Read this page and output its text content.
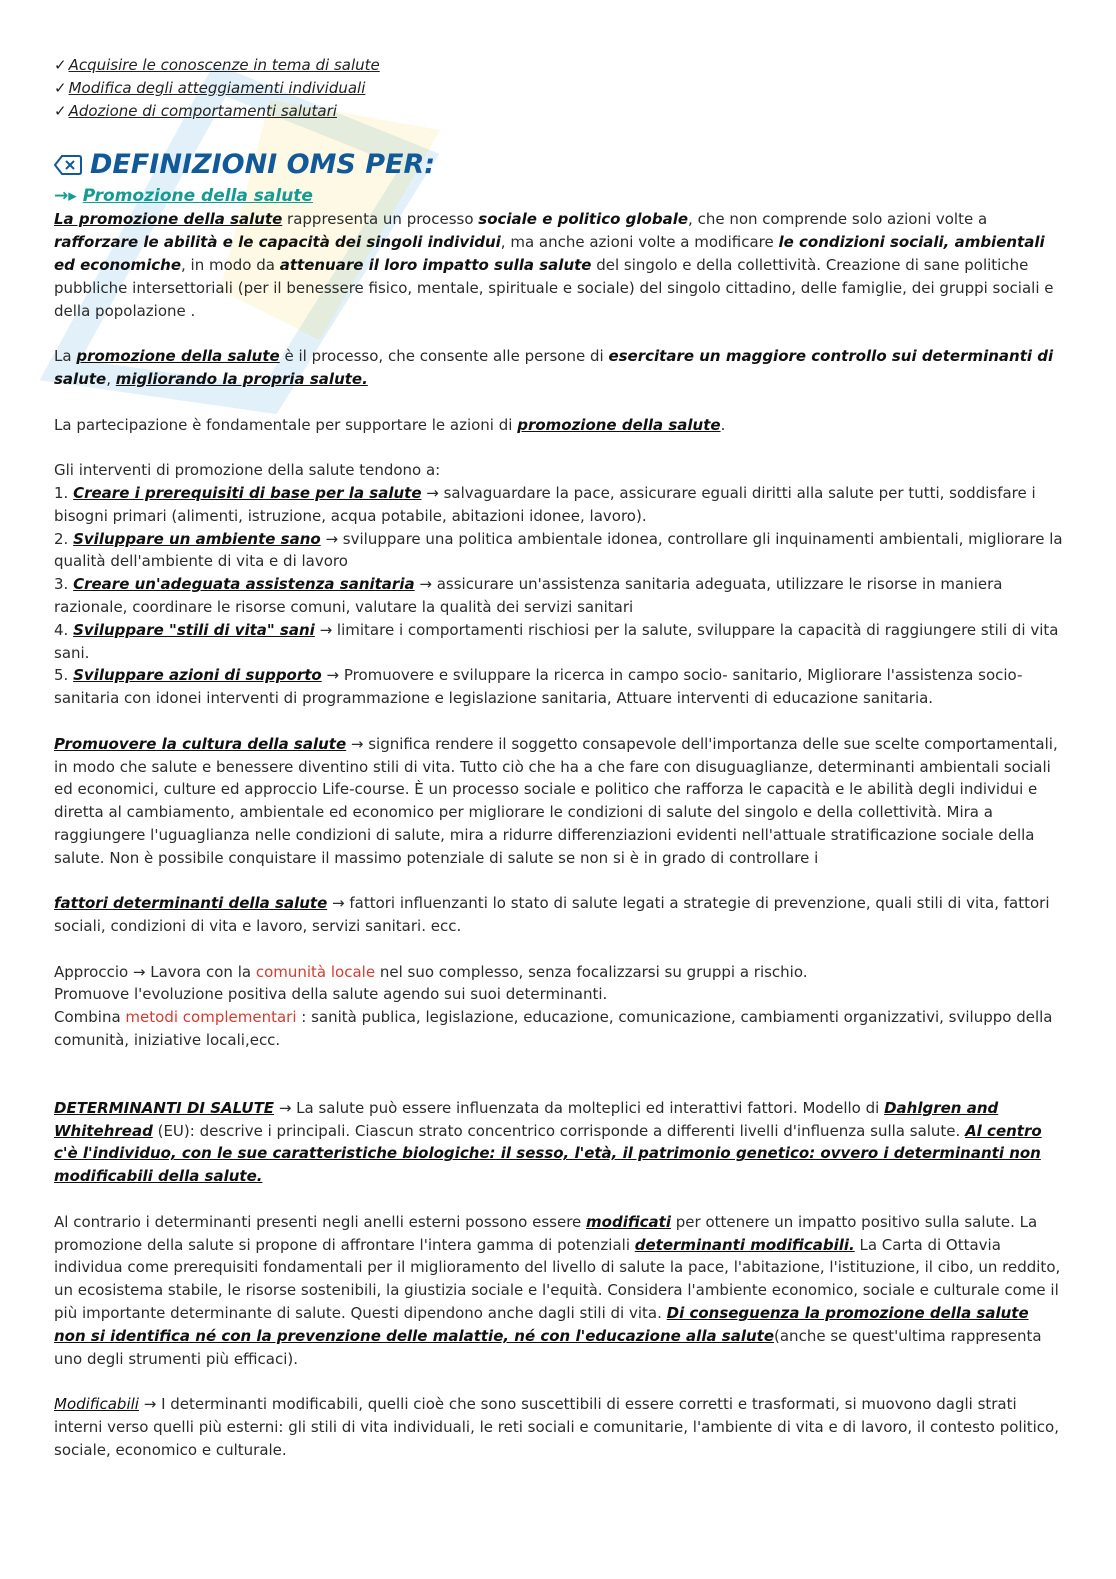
✓ Acquisire le conoscenze in tema di salute
✓ Modifica degli atteggiamenti individuali
✓ Adozione di comportamenti salutari
DEFINIZIONI OMS PER:
→▸ Promozione della salute

La promozione della salute rappresenta un processo sociale e politico globale, che non comprende solo azioni volte a rafforzare le abilità e le capacità dei singoli individui, ma anche azioni volte a modificare le condizioni sociali, ambientali ed economiche, in modo da attenuare il loro impatto sulla salute del singolo e della collettività. Creazione di sane politiche pubbliche intersettoriali (per il benessere fisico, mentale, spirituale e sociale) del singolo cittadino, delle famiglie, dei gruppi sociali e della popolazione .

La promozione della salute è il processo, che consente alle persone di esercitare un maggiore controllo sui determinanti di salute, migliorando la propria salute.

La partecipazione è fondamentale per supportare le azioni di promozione della salute.

Gli interventi di promozione della salute tendono a:

1. Creare i prerequisiti di base per la salute → salvaguardare la pace, assicurare eguali diritti alla salute per tutti, soddisfare i bisogni primari (alimenti, istruzione, acqua potabile, abitazioni idonee, lavoro).

2. Sviluppare un ambiente sano → sviluppare una politica ambientale idonea, controllare gli inquinamenti ambientali, migliorare la qualità dell'ambiente di vita e di lavoro

3. Creare un'adeguata assistenza sanitaria → assicurare un'assistenza sanitaria adeguata, utilizzare le risorse in maniera razionale, coordinare le risorse comuni, valutare la qualità dei servizi sanitari

4. Sviluppare "stili di vita" sani → limitare i comportamenti rischiosi per la salute, sviluppare la capacità di raggiungere stili di vita sani.

5. Sviluppare azioni di supporto → Promuovere e sviluppare la ricerca in campo socio- sanitario, Migliorare l'assistenza socio-sanitaria con idonei interventi di programmazione e legislazione sanitaria, Attuare interventi di educazione sanitaria.

Promuovere la cultura della salute → significa rendere il soggetto consapevole dell'importanza delle sue scelte comportamentali, in modo che salute e benessere diventino stili di vita. Tutto ciò che ha a che fare con disuguaglianze, determinanti ambientali sociali ed economici, culture ed approccio Life-course. È un processo sociale e politico che rafforza le capacità e le abilità degli individui e diretta al cambiamento, ambientale ed economico per migliorare le condizioni di salute del singolo e della collettività. Mira a raggiungere l'uguaglianza nelle condizioni di salute, mira a ridurre differenziazioni evidenti nell'attuale stratificazione sociale della salute. Non è possibile conquistare il massimo potenziale di salute se non si è in grado di controllare i

fattori determinanti della salute → fattori influenzanti lo stato di salute legati a strategie di prevenzione, quali stili di vita, fattori sociali, condizioni di vita e lavoro, servizi sanitari. ecc.

Approccio → Lavora con la comunità locale nel suo complesso, senza focalizzarsi su gruppi a rischio.

Promuove l'evoluzione positiva della salute agendo sui suoi determinanti.

Combina metodi complementari : sanità publica, legislazione, educazione, comunicazione, cambiamenti organizzativi, sviluppo della comunità, iniziative locali,ecc.

DETERMINANTI DI SALUTE → La salute può essere influenzata da molteplici ed interattivi fattori. Modello di Dahlgren and Whitehread (EU): descrive i principali. Ciascun strato concentrico corrisponde a differenti livelli d'influenza sulla salute. Al centro c'è l'individuo, con le sue caratteristiche biologiche: il sesso, l'età, il patrimonio genetico: ovvero i determinanti non modificabili della salute.

Al contrario i determinanti presenti negli anelli esterni possono essere modificati per ottenere un impatto positivo sulla salute. La promozione della salute si propone di affrontare l'intera gamma di potenziali determinanti modificabili. La Carta di Ottavia individua come prerequisiti fondamentali per il miglioramento del livello di salute la pace, l'abitazione, l'istituzione, il cibo, un reddito, un ecosistema stabile, le risorse sostenibili, la giustizia sociale e l'equità. Considera l'ambiente economico, sociale e culturale come il più importante determinante di salute. Questi dipendono anche dagli stili di vita. Di conseguenza la promozione della salute non si identifica né con la prevenzione delle malattie, né con l'educazione alla salute(anche se quest'ultima rappresenta uno degli strumenti più efficaci).

Modificabili → I determinanti modificabili, quelli cioè che sono suscettibili di essere corretti e trasformati, si muovono dagli strati interni verso quelli più esterni: gli stili di vita individuali, le reti sociali e comunitarie, l'ambiente di vita e di lavoro, il contesto politico, sociale, economico e culturale.
